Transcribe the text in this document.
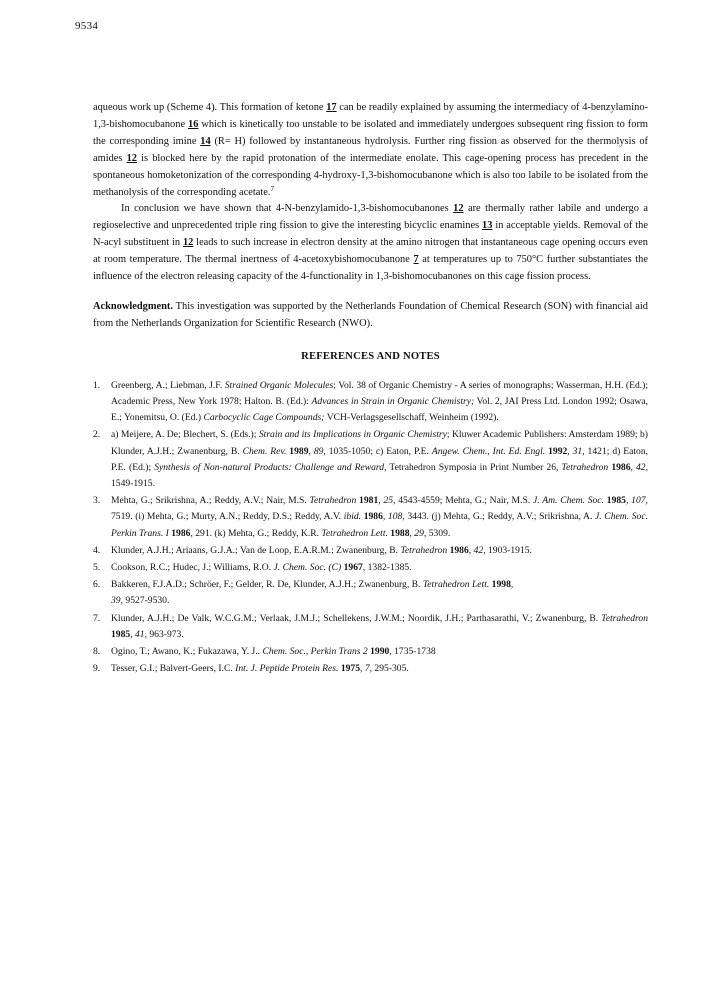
9534

aqueous work up (Scheme 4). This formation of ketone 17 can be readily explained by assuming the intermediacy of 4-benzylamino-1,3-bishomocubanone 16 which is kinetically too unstable to be isolated and immediately undergoes subsequent ring fission to form the corresponding imine 14 (R= H) followed by instantaneous hydrolysis. Further ring fission as observed for the thermolysis of amides 12 is blocked here by the rapid protonation of the intermediate enolate. This cage-opening process has precedent in the spontaneous homoketonization of the corresponding 4-hydroxy-1,3-bishomocubanone which is also too labile to be isolated from the methanolysis of the corresponding acetate.$^7$

In conclusion we have shown that 4-N-benzylamido-1,3-bishomocubanones 12 are thermally rather labile and undergo a regioselective and unprecedented triple ring fission to give the interesting bicyclic enamines 13 in acceptable yields. Removal of the N-acyl substituent in 12 leads to such increase in electron density at the amino nitrogen that instantaneous cage opening occurs even at room temperature. The thermal inertness of 4-acetoxybishomocubanone 7 at temperatures up to 750°C further substantiates the influence of the electron releasing capacity of the 4-functionality in 1,3-bishomocubanones on this cage fission process.

Acknowledgment. This investigation was supported by the Netherlands Foundation of Chemical Research (SON) with financial aid from the Netherlands Organization for Scientific Research (NWO).

REFERENCES AND NOTES
1. Greenberg, A.; Liebman, J.F. Strained Organic Molecules; Vol. 38 of Organic Chemistry - A series of monographs; Wasserman, H.H. (Ed.); Academic Press, New York 1978; Halton. B. (Ed.): Advances in Strain in Organic Chemistry; Vol. 2, JAI Press Ltd. London 1992; Osawa, E.; Yonemitsu, O. (Ed.) Carbocyclic Cage Compounds; VCH-Verlagsgesellschaff, Weinheim (1992).
2. a) Meijere, A. De; Blechert, S. (Eds.); Strain and its Implications in Organic Chemistry; Kluwer Academic Publishers: Amsterdam 1989; b) Klunder, A.J.H.; Zwanenburg, B. Chem. Rev. 1989, 89, 1035-1050; c) Eaton, P.E. Angew. Chem., Int. Ed. Engl. 1992, 31, 1421; d) Eaton, P.E. (Ed.); Synthesis of Non-natural Products: Challenge and Reward, Tetrahedron Symposia in Print Number 26, Tetrahedron 1986, 42, 1549-1915.
3. Mehta, G.; Srikrishna, A.; Reddy, A.V.; Nair, M.S. Tetrahedron 1981, 25, 4543-4559; Mehta, G.; Nair, M.S. J. Am. Chem. Soc. 1985, 107, 7519. (i) Mehta, G.; Murty, A.N.; Reddy, D.S.; Reddy, A.V. ibid. 1986, 108, 3443. (j) Mehta, G.; Reddy, A.V.; Srikrishna, A. J. Chem. Soc. Perkin Trans. I 1986, 291. (k) Mehta, G.; Reddy, K.R. Tetrahedron Lett. 1988, 29, 5309.
4. Klunder, A.J.H.; Ariaans, G.J.A.; Van de Loop, E.A.R.M.; Zwanenburg, B. Tetrahedron 1986, 42, 1903-1915.
5. Cookson, R.C.; Hudec, J.; Williams, R.O. J. Chem. Soc. (C) 1967, 1382-1385.
6. Bakkeren, F.J.A.D.; Schröer, F.; Gelder, R. De, Klunder, A.J.H.; Zwanenburg, B. Tetrahedron Lett. 1998,
39, 9527-9530.
7. Klunder, A.J.H.; De Valk, W.C.G.M.; Verlaak, J.M.J.; Schellekens, J.W.M.; Noordik, J.H.; Parthasarathi, V.; Zwanenburg, B. Tetrahedron 1985, 41, 963-973.
8. Ogino, T.; Awano, K.; Fukazawa, Y. J.. Chem. Soc., Perkin Trans 2 1990, 1735-1738
9. Tesser, G.I.; Balvert-Geers, I.C. Int. J. Peptide Protein Res. 1975, 7, 295-305.
